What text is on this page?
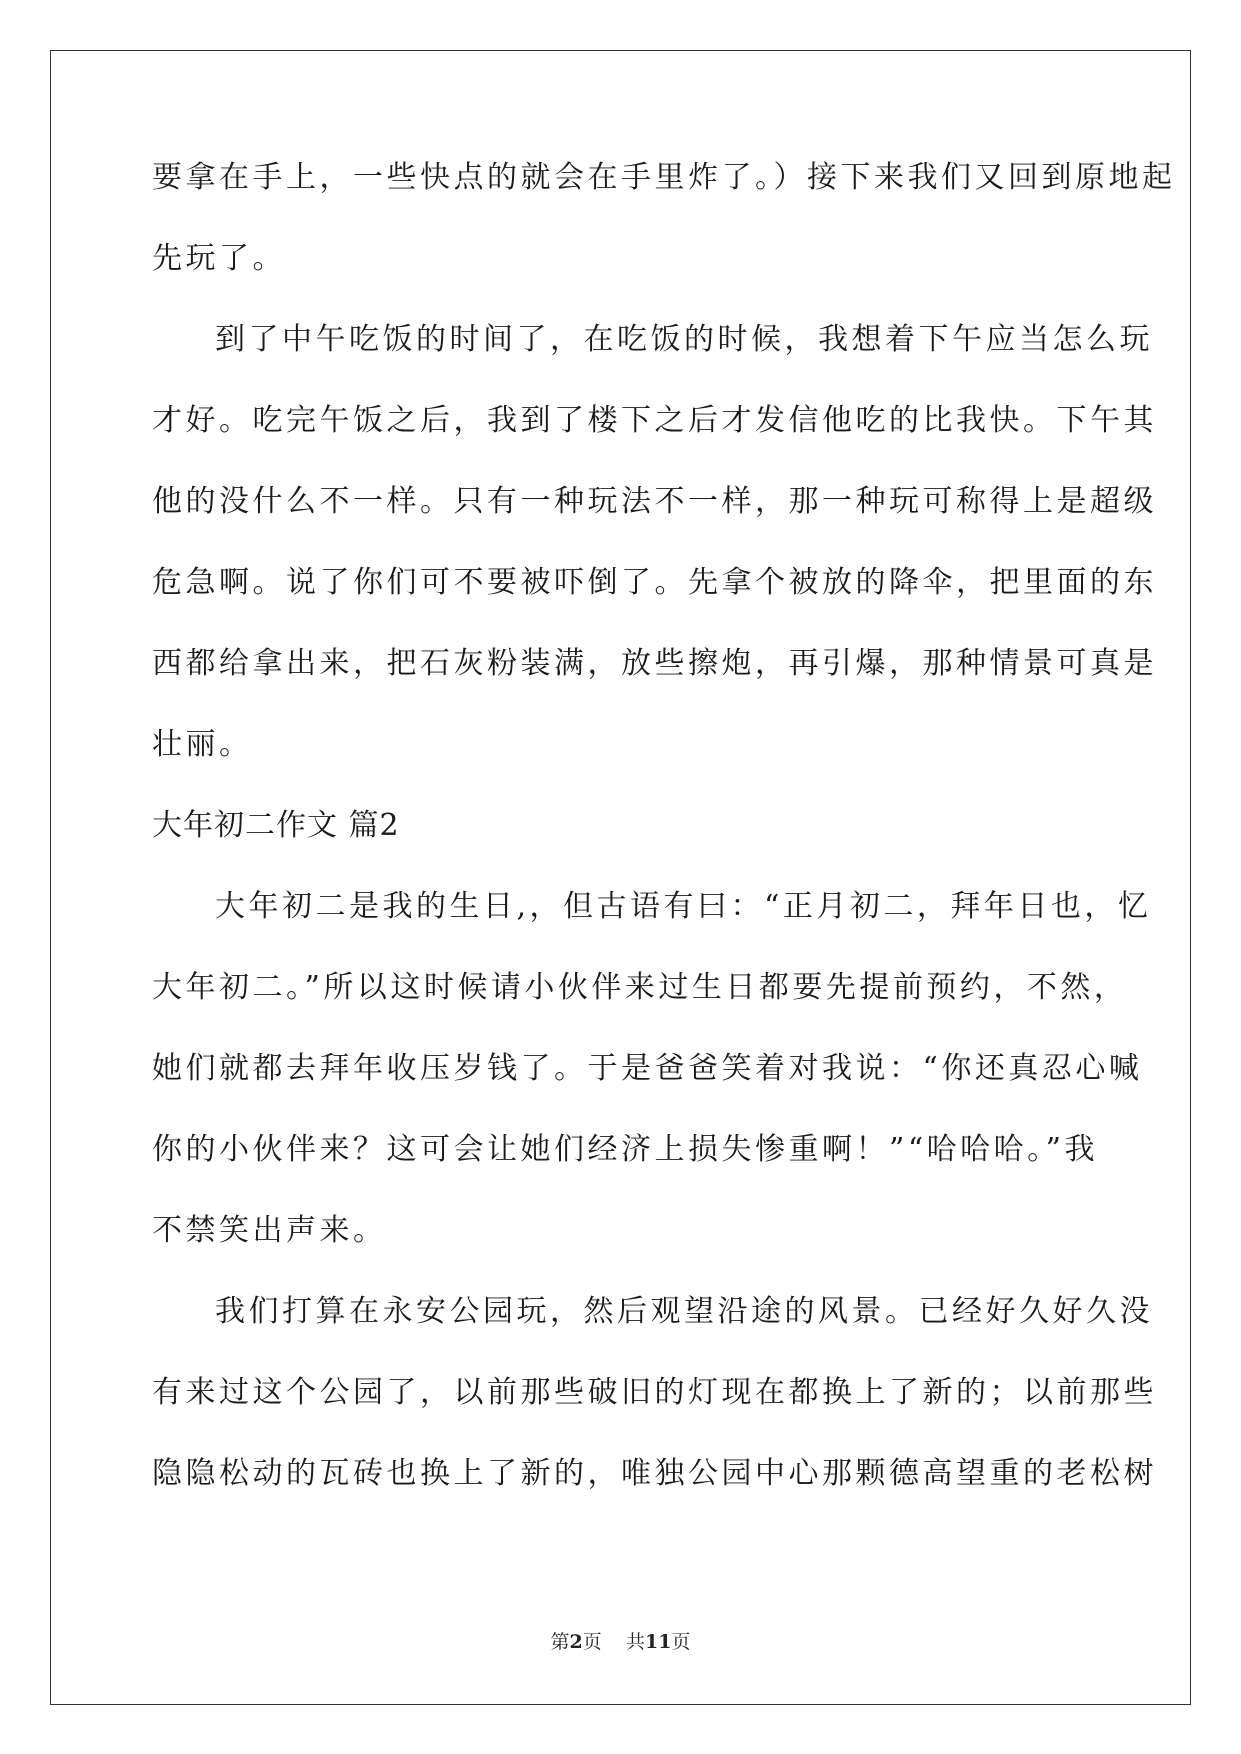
要拿在手上，一些快点的就会在手里炸了。）接下来我们又回到原地起
先玩了。
到了中午吃饭的时间了，在吃饭的时候，我想着下午应当怎么玩
才好。吃完午饭之后，我到了楼下之后才发信他吃的比我快。下午其
他的没什么不一样。只有一种玩法不一样，那一种玩可称得上是超级
危急啊。说了你们可不要被吓倒了。先拿个被放的降伞，把里面的东
西都给拿出来，把石灰粉装满，放些擦炮，再引爆，那种情景可真是
壮丽。
大年初二作文 篇2
大年初二是我的生日,，但古语有曰：“正月初二，拜年日也，忆
大年初二。”所以这时候请小伙伴来过生日都要先提前预约，不然，
她们就都去拜年收压岁钱了。于是爸爸笑着对我说：“你还真忍心喊
你的小伙伴来？这可会让她们经济上损失惨重啊！”“哈哈哈。”我
不禁笑出声来。
我们打算在永安公园玩，然后观望沿途的风景。已经好久好久没
有来过这个公园了，以前那些破旧的灯现在都换上了新的；以前那些
隐隐松动的瓦砖也换上了新的，唯独公园中心那颗德高望重的老松树
第2页 共11页
